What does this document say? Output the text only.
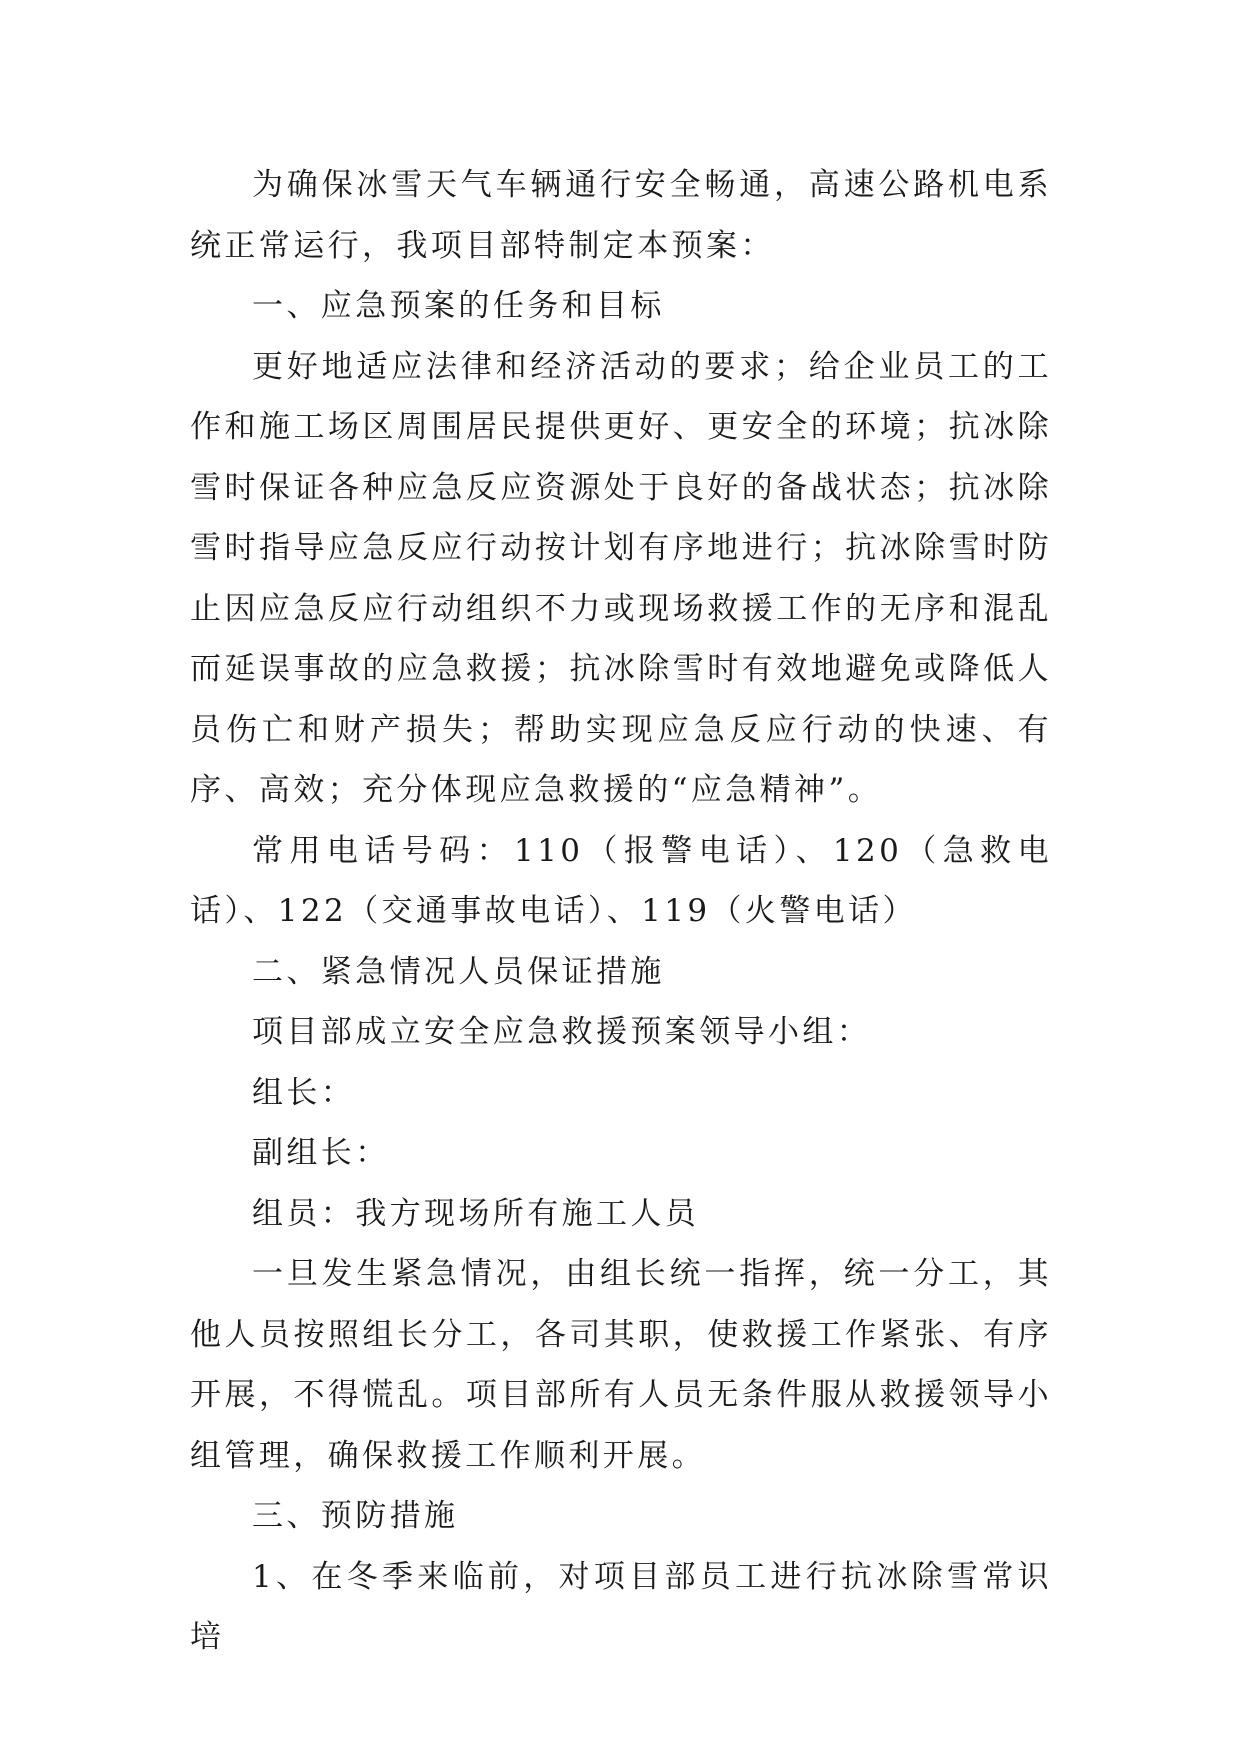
为确保冰雪天气车辆通行安全畅通，高速公路机电系统正常运行，我项目部特制定本预案：

一、应急预案的任务和目标

更好地适应法律和经济活动的要求；给企业员工的工作和施工场区周围居民提供更好、更安全的环境；抗冰除雪时保证各种应急反应资源处于良好的备战状态；抗冰除雪时指导应急反应行动按计划有序地进行；抗冰除雪时防止因应急反应行动组织不力或现场救援工作的无序和混乱而延误事故的应急救援；抗冰除雪时有效地避免或降低人员伤亡和财产损失；帮助实现应急反应行动的快速、有序、高效；充分体现应急救援的“应急精神”。

常用电话号码：110（报警电话）、120（急救电话）、122（交通事故电话）、119（火警电话）

二、紧急情况人员保证措施

项目部成立安全应急救援预案领导小组：

组长：

副组长：

组员：我方现场所有施工人员

一旦发生紧急情况，由组长统一指挥，统一分工，其他人员按照组长分工，各司其职，使救援工作紧张、有序开展，不得慌乱。项目部所有人员无条件服从救援领导小组管理，确保救援工作顺利开展。

三、预防措施

1、在冬季来临前，对项目部员工进行抗冰除雪常识培
